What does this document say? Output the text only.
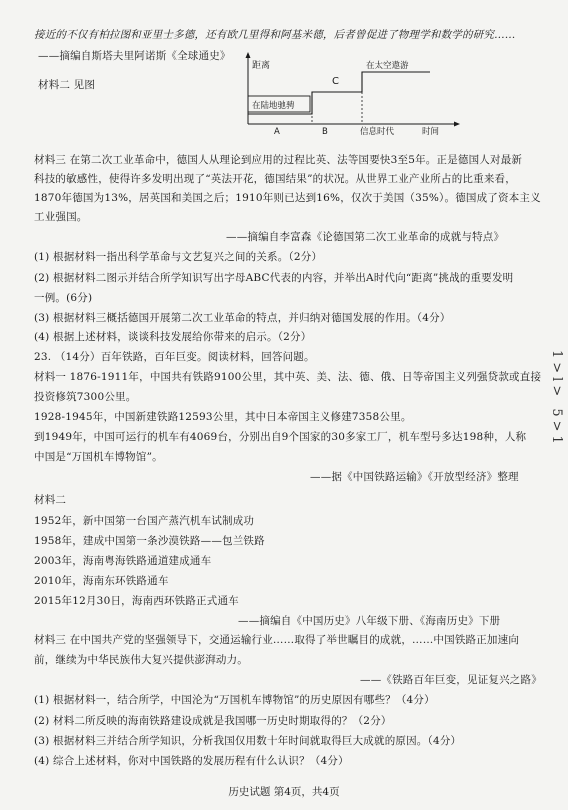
接近的不仅有柏拉图和亚里士多德，还有欧几里得和阿基米德，后者曾促进了物理学和数学的研究……
——摘编自斯塔夫里阿诺斯《全球通史》
材料二 见图
距离
在陆地驰骋
C
在太空遨游
A	B	信息时代	时间
材料三 在第二次工业革命中，德国人从理论到应用的过程比英、法等国要快3至5年。正是德国人对最新
科技的敏感性，使得许多发明出现了“英法开花，德国结果”的状况。从世界工业产业所占的比重来看，
1870年德国为13%，居英国和美国之后；1910年则已达到16%，仅次于美国（35%）。德国成了资本主义
工业强国。
——摘编自李富森《论德国第二次工业革命的成就与特点》
(1) 根据材料一指出科学革命与文艺复兴之间的关系。（2分）
(2) 根据材料二图示并结合所学知识写出字母ABC代表的内容，并举出A时代向“距离”挑战的重要发明
一例。(6分)
(3) 根据材料三概括德国开展第二次工业革命的特点，并归纳对德国发展的作用。（4分）
(4) 根据上述材料，谈谈科技发展给你带来的启示。（2分）
23. （14分）百年铁路，百年巨变。阅读材料，回答问题。
材料一 1876-1911年，中国共有铁路9100公里，其中英、美、法、德、俄、日等帝国主义列强贷款或直接
投资修筑7300公里。
1928-1945年，中国新建铁路12593公里，其中日本帝国主义修建7358公里。
到1949年，中国可运行的机车有4069台，分别出自9个国家的30多家工厂，机车型号多达198种，人称
中国是“万国机车博物馆”。
——据《中国铁路运输》《开放型经济》整理
材料二
1952年，新中国第一台国产蒸汽机车试制成功
1958年，建成中国第一条沙漠铁路——包兰铁路
2003年，海南粤海铁路通道建成通车
2010年，海南东环铁路通车
2015年12月30日，海南西环铁路正式通车
——摘编自《中国历史》八年级下册、《海南历史》下册
材料三 在中国共产党的坚强领导下，交通运输行业……取得了举世瞩目的成就，……中国铁路正加速向
前，继续为中华民族伟大复兴提供澎湃动力。
——《铁路百年巨变，见证复兴之路》
(1) 根据材料一，结合所学，中国沦为“万国机车博物馆”的历史原因有哪些？（4分）
(2) 材料二所反映的海南铁路建设成就是我国哪一历史时期取得的？（2分）
(3) 根据材料三并结合所学知识，分析我国仅用数十年时间就取得巨大成就的原因。（4分）
(4) 综合上述材料，你对中国铁路的发展历程有什么认识？（4分）
历史试题 第4页，共4页
1>l> 5>1
